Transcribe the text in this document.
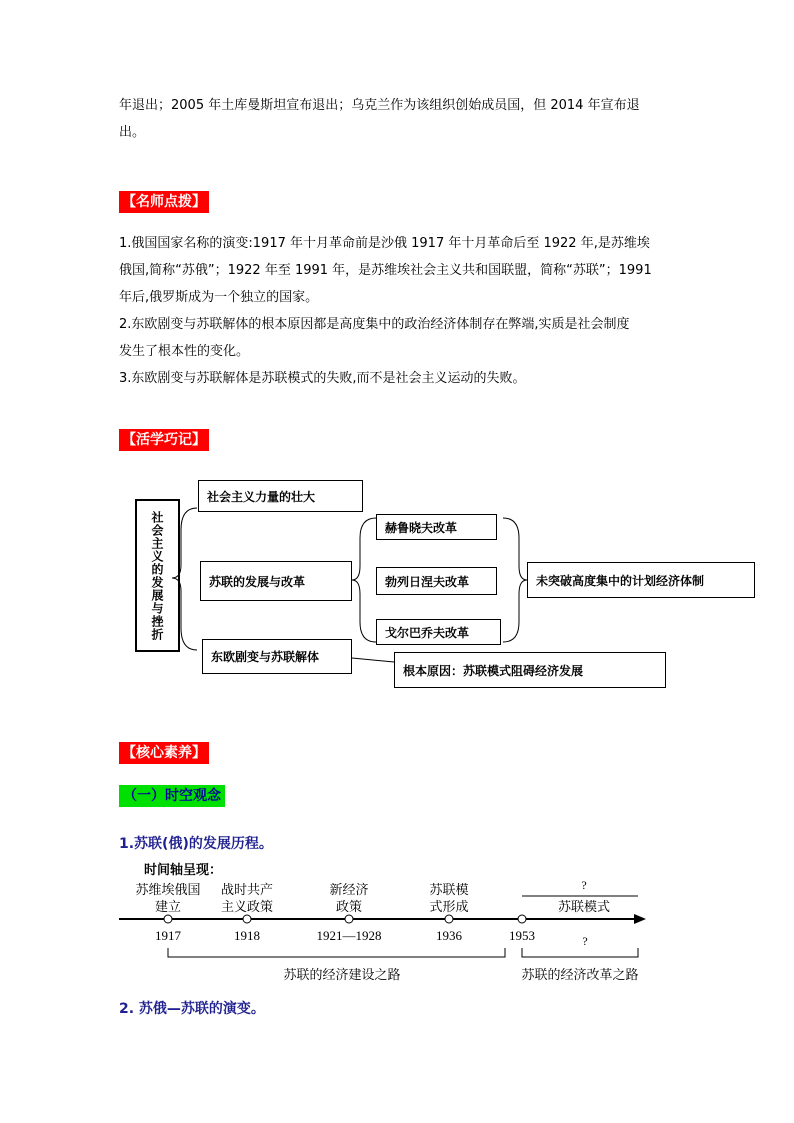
年退出；2005 年土库曼斯坦宣布退出；乌克兰作为该组织创始成员国，但 2014 年宣布退
出。
【名师点拨】
1.俄国国家名称的演变:1917 年十月革命前是沙俄 1917 年十月革命后至 1922 年,是苏维埃
俄国,简称“苏俄”；1922 年至 1991 年，是苏维埃社会主义共和国联盟，简称“苏联”；1991
年后,俄罗斯成为一个独立的国家。
2.东欧剧变与苏联解体的根本原因都是高度集中的政治经济体制存在弊端,实质是社会制度
发生了根本性的变化。
3.东欧剧变与苏联解体是苏联模式的失败,而不是社会主义运动的失败。
【活学巧记】
社会主义的发展与挫折
社会主义力量的壮大
苏联的发展与改革
东欧剧变与苏联解体
赫鲁晓夫改革
勃列日涅夫改革
戈尔巴乔夫改革
未突破高度集中的计划经济体制
根本原因：苏联模式阻碍经济发展
【核心素养】
（一）时空观念
1.苏联(俄)的发展历程。
时间轴呈现：
苏维埃俄国
建立
战时共产
主义政策
新经济
政策
苏联模
式形成
1917	1918	1921—1928	1936	1953
?
苏联模式
?
苏联的经济建设之路	苏联的经济改革之路
2. 苏俄—苏联的演变。
